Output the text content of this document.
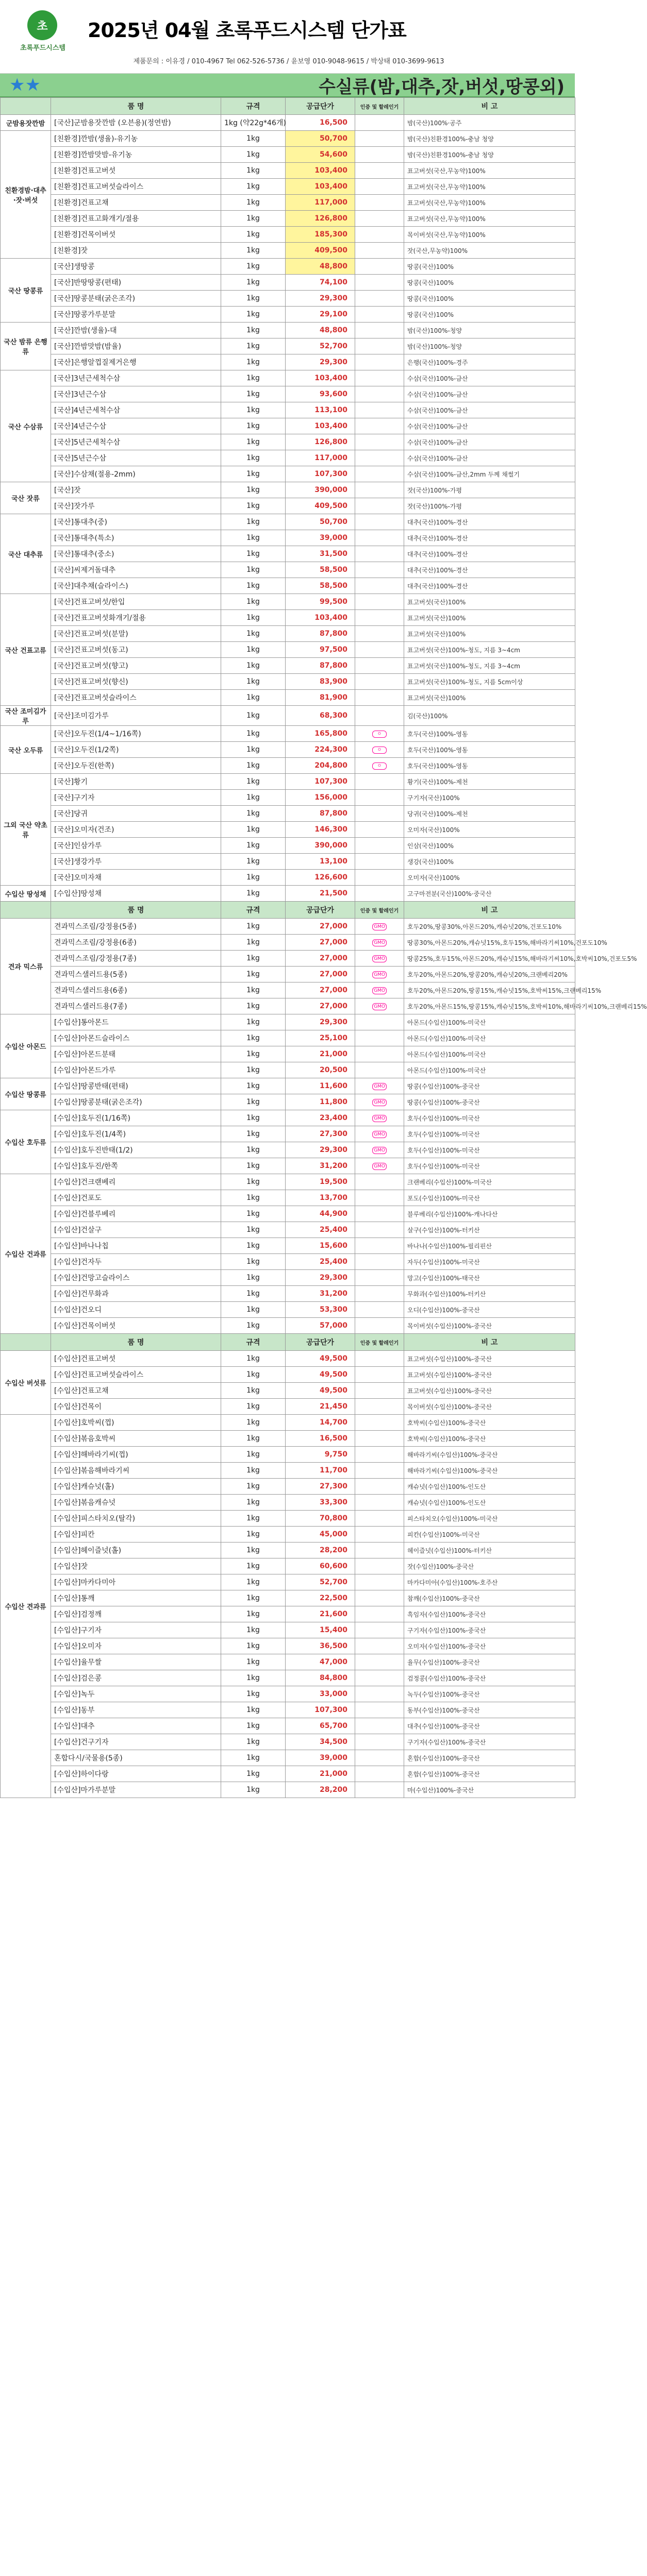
초
초록푸드시스템
2025년 04월 초록푸드시스템 단가표
제품문의 : 이유경 / 010-4967 Tel 062-526-5736 / 윤보영 010-9048-9615 / 박상태 010-3699-9613
★★	수실류(밤,대추,잣,버섯,땅콩외)
	품 명	규격	공급단가	인증 및 할레인기	비 고
군밤용잣깐밤	[국산]군밤용잣깐밤 (오븐용)(정연밤)	1kg (약22g*46개)	16,500		밤(국산)100%·공주
친환경밤·대추·잣·버섯	[친환경]깐밤(생율)-유기농	1kg	50,700		밤(국산)친환경100%-충남 청양
	[친환경]깐밤맛밤-유기농	1kg	54,600		밤(국산)친환경100%-충남 청양
	[친환경]건표고버섯	1kg	103,400		표고버섯(국산,무농약)100%
	[친환경]건표고버섯슬라이스	1kg	103,400		표고버섯(국산,무농약)100%
	[친환경]건표고채	1kg	117,000		표고버섯(국산,무농약)100%
	[친환경]건표고화개기/절용	1kg	126,800		표고버섯(국산,무농약)100%
	[친환경]건목이버섯	1kg	185,300		목이버섯(국산,무농약)100%
	[친환경]잣	1kg	409,500		잣(국산,무농약)100%
국산 땅콩류	[국산]생땅콩	1kg	48,800		땅콩(국산)100%
	[국산]반땅땅콩(편태)	1kg	74,100		땅콩(국산)100%
	[국산]땅콩분태(굵은조각)	1kg	29,300		땅콩(국산)100%
	[국산]땅콩가루분말	1kg	29,100		땅콩(국산)100%
국산 밤류 은행류	[국산]깐밤(생율)-대	1kg	48,800		밤(국산)100%-청양
	[국산]깐밤맛밤(밤율)	1kg	52,700		밤(국산)100%-청양
	[국산]은행알껍질제거은행	1kg	29,300		은행(국산)100%-경주
국산 수삼류	[국산]3년근세척수삼	1kg	103,400		수삼(국산)100%-금산
	[국산]3년근수삼	1kg	93,600		수삼(국산)100%-금산
	[국산]4년근세척수삼	1kg	113,100		수삼(국산)100%-금산
	[국산]4년근수삼	1kg	103,400		수삼(국산)100%-금산
	[국산]5년근세척수삼	1kg	126,800		수삼(국산)100%-금산
	[국산]5년근수삼	1kg	117,000		수삼(국산)100%-금산
	[국산]수삼채(절용-2mm)	1kg	107,300		수삼(국산)100%-금산,2mm 두께 채썰기
국산 잣류	[국산]잣	1kg	390,000		잣(국산)100%-가평
	[국산]잣가루	1kg	409,500		잣(국산)100%-가평
국산 대추류	[국산]통대추(중)	1kg	50,700		대추(국산)100%-경산
	[국산]통대추(특소)	1kg	39,000		대추(국산)100%-경산
	[국산]통대추(중소)	1kg	31,500		대추(국산)100%-경산
	[국산]씨제거돌대추	1kg	58,500		대추(국산)100%-경산
	[국산]대추채(슬라이스)	1kg	58,500		대추(국산)100%-경산
국산 건표고류	[국산]건표고버섯/한입	1kg	99,500		표고버섯(국산)100%
	[국산]건표고버섯화개기/절용	1kg	103,400		표고버섯(국산)100%
	[국산]건표고버섯(분말)	1kg	87,800		표고버섯(국산)100%
	[국산]건표고버섯(동고)	1kg	97,500		표고버섯(국산)100%-청도, 지름 3~4cm
	[국산]건표고버섯(향고)	1kg	87,800		표고버섯(국산)100%-청도, 지름 3~4cm
	[국산]건표고버섯(향신)	1kg	83,900		표고버섯(국산)100%-청도, 지름 5cm이상
	[국산]건표고버섯슬라이스	1kg	81,900		표고버섯(국산)100%
국산 조미김가루	[국산]조미김가루	1kg	68,300		김(국산)100%
국산 오두류	[국산]오두진(1/4~1/16쪽)	1kg	165,800	ㅇ	호두(국산)100%-영동
	[국산]오두진(1/2쪽)	1kg	224,300	ㅇ	호두(국산)100%-영동
	[국산]오두진(한쪽)	1kg	204,800	ㅇ	호두(국산)100%-영동
그외 국산 약초류	[국산]황기	1kg	107,300		황기(국산)100%-제천
	[국산]구기자	1kg	156,000		구기자(국산)100%
	[국산]당귀	1kg	87,800		당귀(국산)100%-제천
	[국산]오미자(건조)	1kg	146,300		오미자(국산)100%
	[국산]인삼가루	1kg	390,000		인삼(국산)100%
	[국산]생강가루	1kg	13,100		생강(국산)100%
	[국산]오미자채	1kg	126,600		오미자(국산)100%
수입산 땅성채	[수입산]땅성채	1kg	21,500		고구마전분(국산)100%·중국산
	품 명	규격	공급단가	인증 및 할레인기	비 고
견과 믹스류	견과믹스조림/강정용(5종)	1kg	27,000	GMO	호두20%,땅콩30%,아몬드20%,캐슈넛20%,건포도10%
	견과믹스조림/강정용(6종)	1kg	27,000	GMO	땅콩30%,아몬드20%,캐슈넛15%,호두15%,해바라기씨10%,건포도10%
	견과믹스조림/강정용(7종)	1kg	27,000	GMO	땅콩25%,호두15%,아몬드20%,캐슈넛15%,해바라기씨10%,호박씨10%,건포도5%
	견과믹스샐러드용(5종)	1kg	27,000	GMO	호두20%,아몬드20%,땅콩20%,캐슈넛20%,크랜베리20%
	견과믹스샐러드용(6종)	1kg	27,000	GMO	호두20%,아몬드20%,땅콩15%,캐슈넛15%,호박씨15%,크랜베리15%
	견과믹스샐러드용(7종)	1kg	27,000	GMO	호두20%,아몬드15%,땅콩15%,캐슈넛15%,호박씨10%,해바라기씨10%,크랜베리15%
수입산 아몬드	[수입산]통아몬드	1kg	29,300		아몬드(수입산)100%-미국산
	[수입산]아몬드슬라이스	1kg	25,100		아몬드(수입산)100%-미국산
	[수입산]아몬드분태	1kg	21,000		아몬드(수입산)100%-미국산
	[수입산]아몬드가루	1kg	20,500		아몬드(수입산)100%-미국산
수입산 땅콩류	[수입산]땅콩반태(편태)	1kg	11,600	GMO	땅콩(수입산)100%-중국산
	[수입산]땅콩분태(굵은조각)	1kg	11,800	GMO	땅콩(수입산)100%-중국산
수입산 호두류	[수입산]호두진(1/16쪽)	1kg	23,400	GMO	호두(수입산)100%-미국산
	[수입산]호두진(1/4쪽)	1kg	27,300	GMO	호두(수입산)100%-미국산
	[수입산]호두진반태(1/2)	1kg	29,300	GMO	호두(수입산)100%-미국산
	[수입산]호두진/한쪽	1kg	31,200	GMO	호두(수입산)100%-미국산
수입산 건과류	[수입산]건크랜베리	1kg	19,500		크랜베리(수입산)100%-미국산
	[수입산]건포도	1kg	13,700		포도(수입산)100%-미국산
	[수입산]건블루베리	1kg	44,900		블루베리(수입산)100%-캐나다산
	[수입산]건살구	1kg	25,400		살구(수입산)100%-터키산
	[수입산]바나나칩	1kg	15,600		바나나(수입산)100%-필리핀산
	[수입산]건자두	1kg	25,400		자두(수입산)100%-미국산
	[수입산]건망고슬라이스	1kg	29,300		망고(수입산)100%-태국산
	[수입산]건무화과	1kg	31,200		무화과(수입산)100%-터키산
	[수입산]건오디	1kg	53,300		오디(수입산)100%-중국산
	[수입산]건목이버섯	1kg	57,000		목이버섯(수입산)100%-중국산
	품 명	규격	공급단가	인증 및 할레인기	비 고
수입산 버섯류	[수입산]건표고버섯	1kg	49,500		표고버섯(수입산)100%-중국산
	[수입산]건표고버섯슬라이스	1kg	49,500		표고버섯(수입산)100%-중국산
	[수입산]건표고채	1kg	49,500		표고버섯(수입산)100%-중국산
	[수입산]건목이	1kg	21,450		목이버섯(수입산)100%-중국산
수입산 견과류	[수입산]호박씨(껍)	1kg	14,700		호박씨(수입산)100%-중국산
	[수입산]볶음호박씨	1kg	16,500		호박씨(수입산)100%-중국산
	[수입산]해바라기씨(껍)	1kg	9,750		해바라기씨(수입산)100%-중국산
	[수입산]볶음해바라기씨	1kg	11,700		해바라기씨(수입산)100%-중국산
	[수입산]캐슈넛(홀)	1kg	27,300		캐슈넛(수입산)100%-인도산
	[수입산]볶음캐슈넛	1kg	33,300		캐슈넛(수입산)100%-인도산
	[수입산]피스타치오(탈각)	1kg	70,800		피스타치오(수입산)100%-미국산
	[수입산]피칸	1kg	45,000		피칸(수입산)100%-미국산
	[수입산]헤이즐넛(홀)	1kg	28,200		헤이즐넛(수입산)100%-터키산
	[수입산]잣	1kg	60,600		잣(수입산)100%-중국산
	[수입산]마카다미아	1kg	52,700		마카다미아(수입산)100%-호주산
	[수입산]통깨	1kg	22,500		참깨(수입산)100%-중국산
	[수입산]검정깨	1kg	21,600		흑임자(수입산)100%-중국산
	[수입산]구기자	1kg	15,400		구기자(수입산)100%-중국산
	[수입산]오미자	1kg	36,500		오미자(수입산)100%-중국산
	[수입산]율무쌀	1kg	47,000		율무(수입산)100%-중국산
	[수입산]검은콩	1kg	84,800		검정콩(수입산)100%-중국산
	[수입산]녹두	1kg	33,000		녹두(수입산)100%-중국산
	[수입산]동부	1kg	107,300		동부(수입산)100%-중국산
	[수입산]대추	1kg	65,700		대추(수입산)100%-중국산
	[수입산]건구기자	1kg	34,500		구기자(수입산)100%-중국산
	혼합다시/국물용(5종)	1kg	39,000		혼합(수입산)100%-중국산
	[수입산]하이다랑	1kg	21,000		혼합(수입산)100%-중국산
	[수입산]마가루분말	1kg	28,200		마(수입산)100%-중국산
